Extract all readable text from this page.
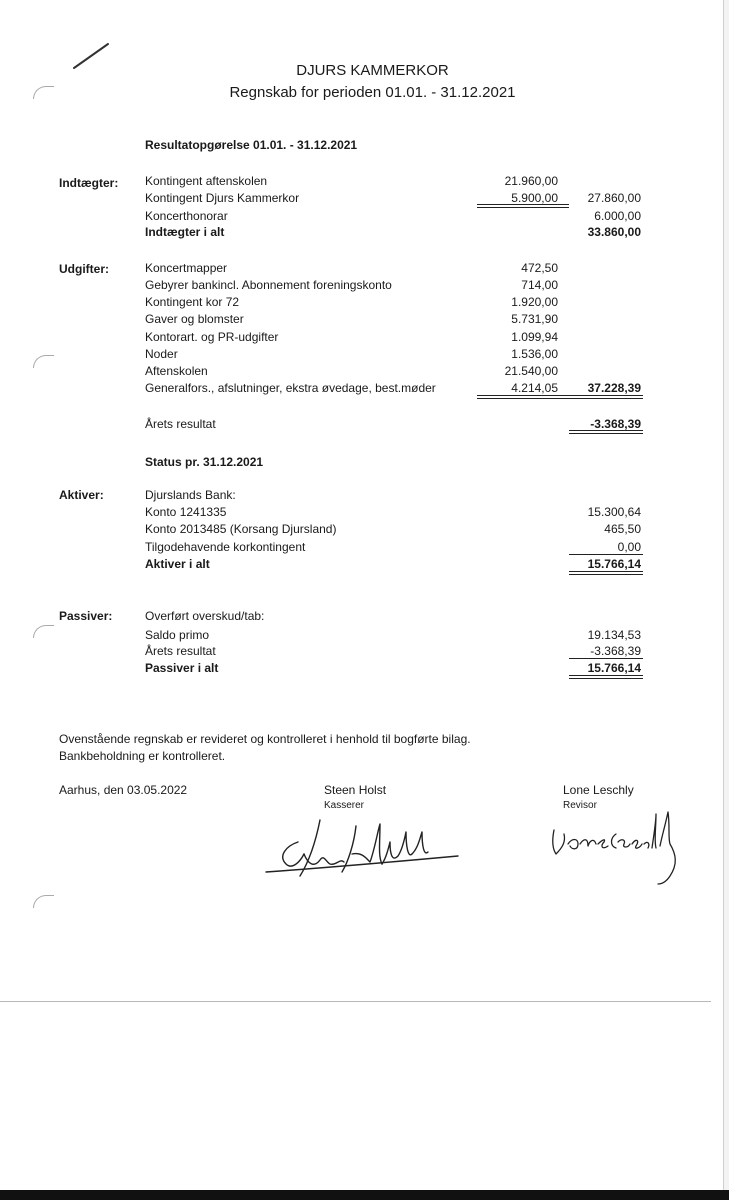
DJURS KAMMERKOR
Regnskab for perioden 01.01. - 31.12.2021
Resultatopgørelse 01.01. - 31.12.2021
Indtægter: Kontingent aftenskolen	21.960,00
Kontingent Djurs Kammerkor	5.900,00	27.860,00
Koncerthonorar	6.000,00
Indtægter i alt	33.860,00
Udgifter:	Koncertmapper	472,50
Gebyrer bankincl. Abonnement foreningskonto	714,00
Kontingent kor 72	1.920,00
Gaver og blomster	5.731,90
Kontorart. og PR-udgifter	1.099,94
Noder	1.536,00
Aftenskolen	21.540,00
Generalfors., afslutninger, ekstra øvedage, best.møder	4.214,05	37.228,39
Årets resultat	-3.368,39
Status pr. 31.12.2021
Aktiver:	Djurslands Bank:
Konto 1241335	15.300,64
Konto 2013485 (Korsang Djursland)	465,50
Tilgodehavende korkontingent	0,00
Aktiver i alt	15.766,14
Passiver:	Overført overskud/tab:
Saldo primo	19.134,53
Årets resultat	-3.368,39
Passiver i alt	15.766,14
Ovenstående regnskab er revideret og kontrolleret i henhold til bogførte bilag.
Bankbeholdning er kontrolleret.
Aarhus, den 03.05.2022	Steen Holst
Kasserer
Lone Leschly
Revisor
